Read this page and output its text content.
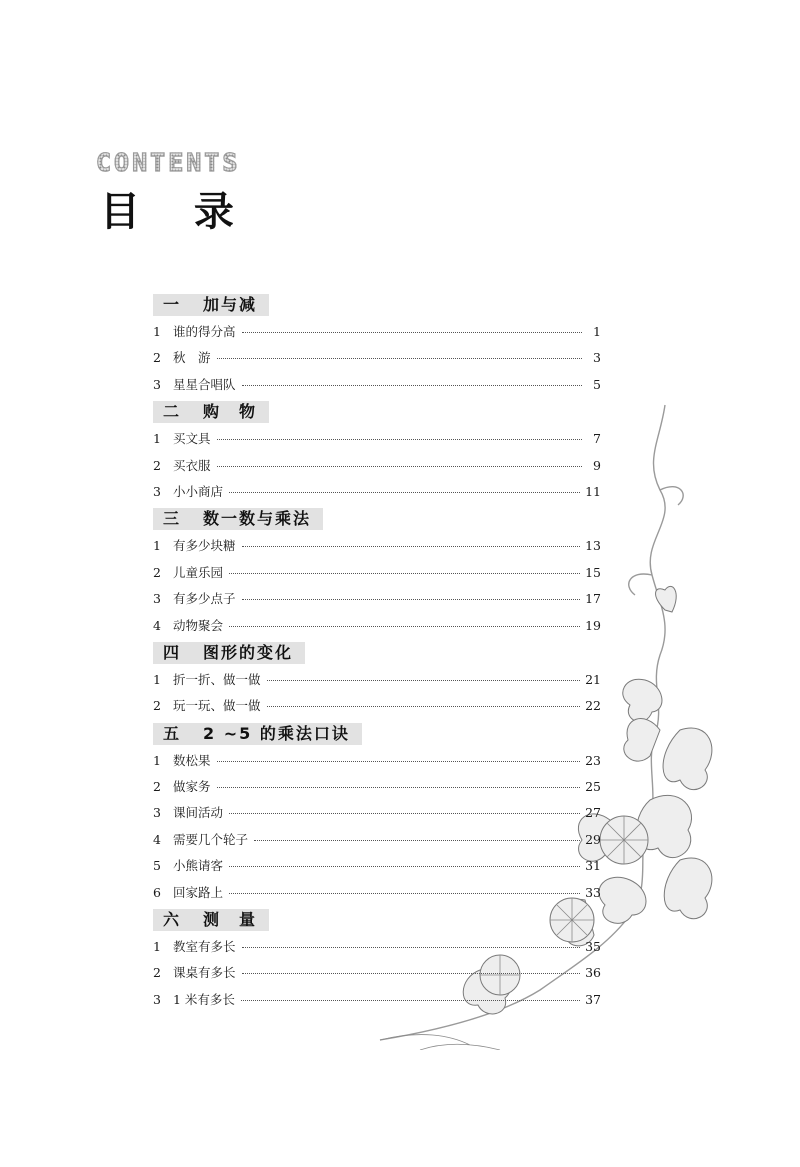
CONTENTS
目 录
一 加与减
1 谁的得分高	1
2 秋　游	3
3 星星合唱队	5
二 购　物
1 买文具	7
2 买衣服	9
3 小小商店	11
三 数一数与乘法
1 有多少块糖	13
2 儿童乐园	15
3 有多少点子	17
4 动物聚会	19
四 图形的变化
1 折一折、做一做	21
2 玩一玩、做一做	22
五 2 ~5 的乘法口诀
1 数松果	23
2 做家务	25
3 课间活动	27
4 需要几个轮子	29
5 小熊请客	31
6 回家路上	33
六 测　量
1 教室有多长	35
2 课桌有多长	36
3 1 米有多长	37
